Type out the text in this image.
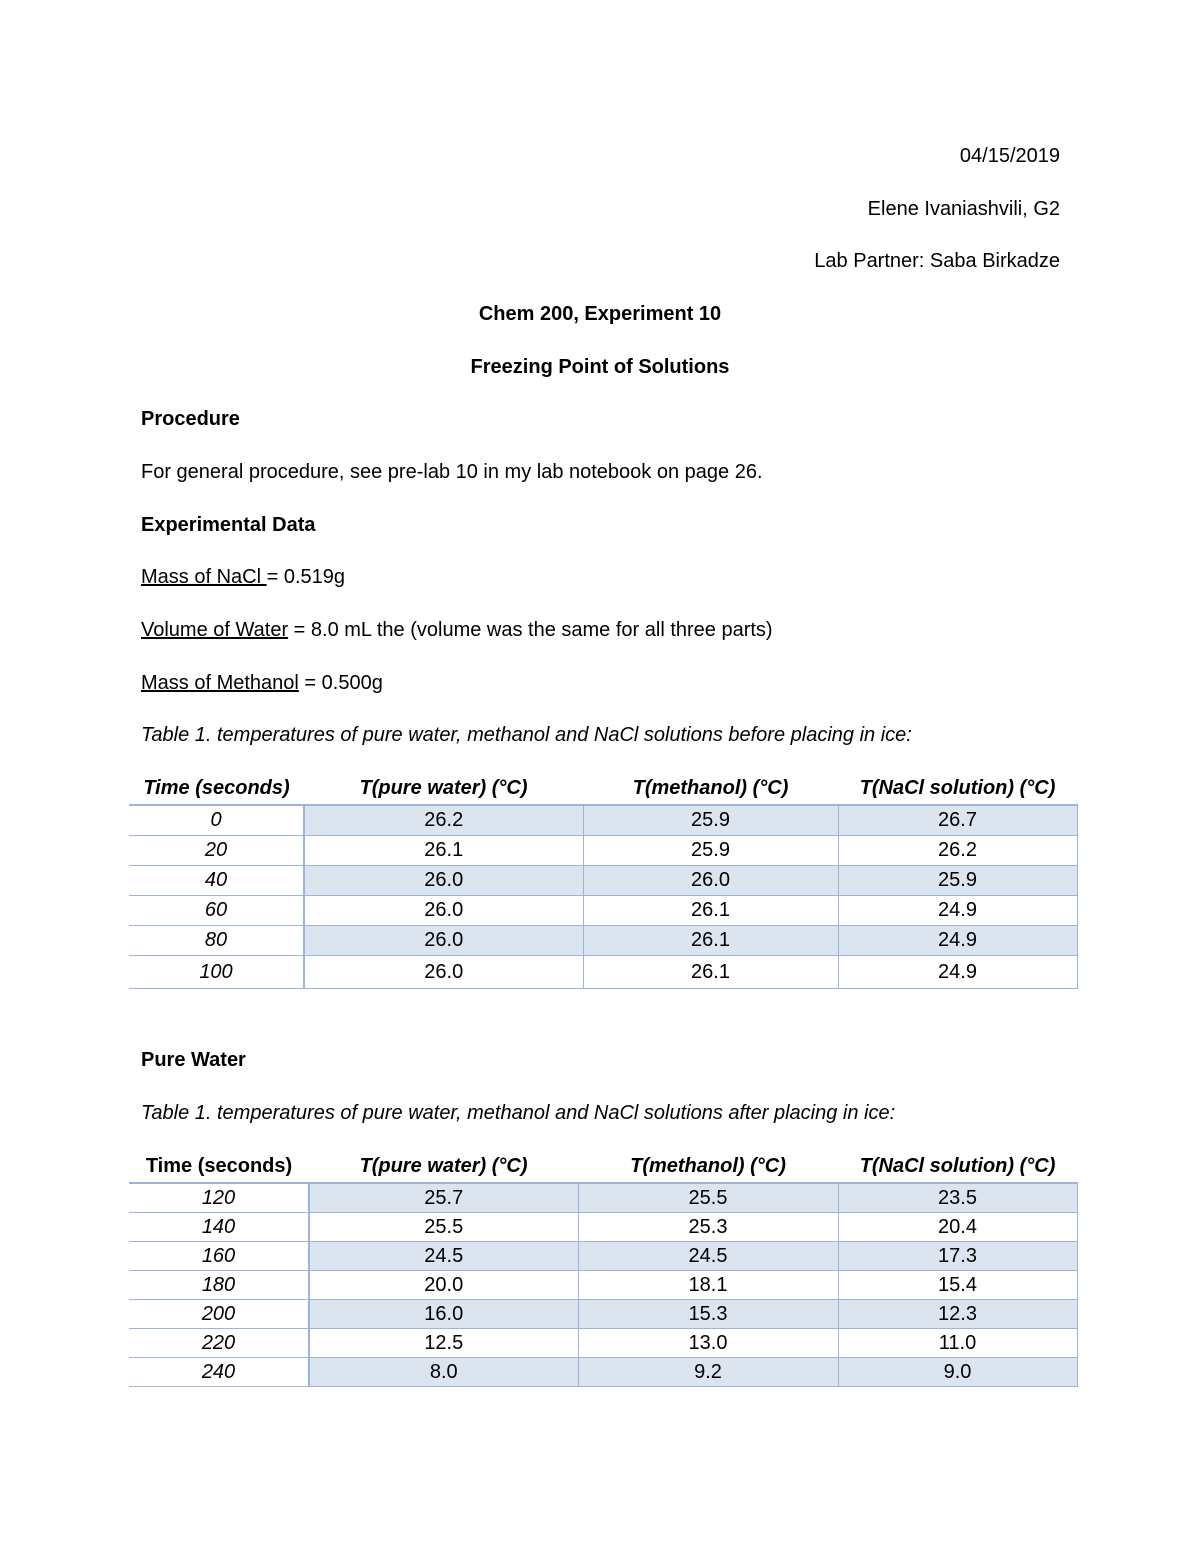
04/15/2019
Elene Ivaniashvili, G2
Lab Partner: Saba Birkadze
Chem 200, Experiment 10
Freezing Point of Solutions
Procedure
For general procedure, see pre-lab 10 in my lab notebook on page 26.
Experimental Data
Mass of NaCl = 0.519g
Volume of Water = 8.0 mL the (volume was the same for all three parts)
Mass of Methanol = 0.500g
Table 1. temperatures of pure water, methanol and NaCl solutions before placing in ice:
Time (seconds)	T(pure water) (°C)	T(methanol) (°C)	T(NaCl solution) (°C)
0	26.2	25.9	26.7
20	26.1	25.9	26.2
40	26.0	26.0	25.9
60	26.0	26.1	24.9
80	26.0	26.1	24.9
100	26.0	26.1	24.9
Pure Water
Table 1. temperatures of pure water, methanol and NaCl solutions after placing in ice:
Time (seconds)	T(pure water) (°C)	T(methanol) (°C)	T(NaCl solution) (°C)
120	25.7	25.5	23.5
140	25.5	25.3	20.4
160	24.5	24.5	17.3
180	20.0	18.1	15.4
200	16.0	15.3	12.3
220	12.5	13.0	11.0
240	8.0	9.2	9.0
